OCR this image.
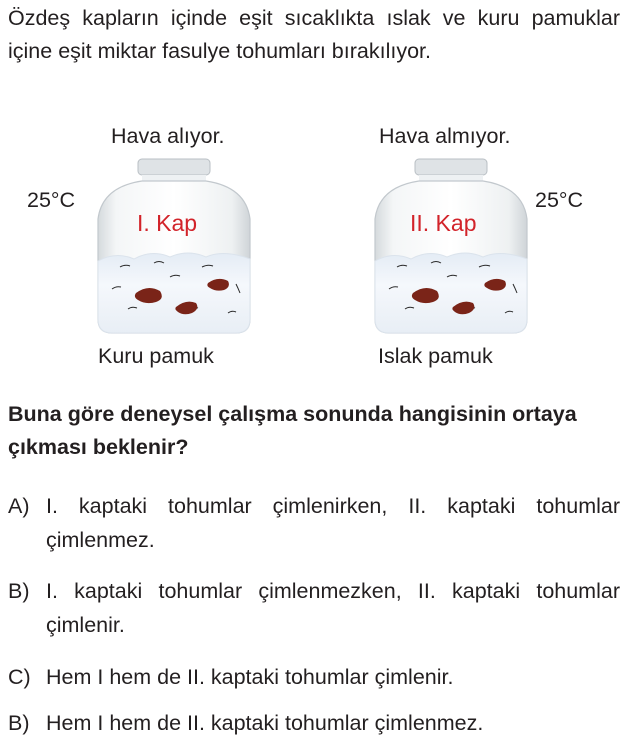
Özdeş kapların içinde eşit sıcaklıkta ıslak ve kuru pamuklar içine eşit miktar fasulye tohumları bırakılıyor.

Hava alıyor.
25°C
I. Kap
Kuru pamuk
Hava almıyor.
25°C
II. Kap
Islak pamuk

Buna göre deneysel çalışma sonunda hangisinin ortaya çıkması beklenir?

A) I. kaptaki tohumlar çimlenirken, II. kaptaki tohumlar çimlenmez.
B) I. kaptaki tohumlar çimlenmezken, II. kaptaki tohumlar çimlenir.
C) Hem I hem de II. kaptaki tohumlar çimlenir.
B) Hem I hem de II. kaptaki tohumlar çimlenmez.
